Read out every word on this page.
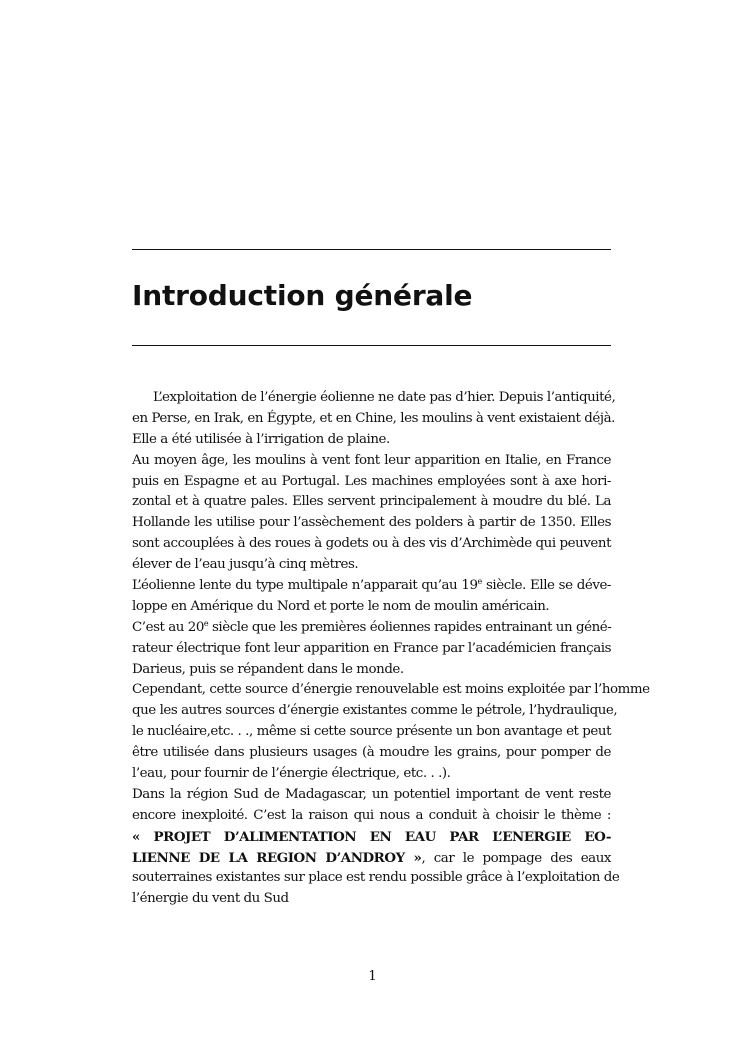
Introduction générale
L’exploitation de l’énergie éolienne ne date pas d’hier. Depuis l’antiquité,
en Perse, en Irak, en Égypte, et en Chine, les moulins à vent existaient déjà.
Elle a été utilisée à l’irrigation de plaine.
Au moyen âge, les moulins à vent font leur apparition en Italie, en France
puis en Espagne et au Portugal. Les machines employées sont à axe hori-
zontal et à quatre pales. Elles servent principalement à moudre du blé. La
Hollande les utilise pour l’assèchement des polders à partir de 1350. Elles
sont accouplées à des roues à godets ou à des vis d’Archimède qui peuvent
élever de l’eau jusqu’à cinq mètres.
L’éolienne lente du type multipale n’apparait qu’au 19e siècle. Elle se déve-
loppe en Amérique du Nord et porte le nom de moulin américain.
C’est au 20e siècle que les premières éoliennes rapides entrainant un géné-
rateur électrique font leur apparition en France par l’académicien français
Darieus, puis se répandent dans le monde.
Cependant, cette source d’énergie renouvelable est moins exploitée par l’homme
que les autres sources d’énergie existantes comme le pétrole, l’hydraulique,
le nucléaire,etc. . ., même si cette source présente un bon avantage et peut
être utilisée dans plusieurs usages (à moudre les grains, pour pomper de
l’eau, pour fournir de l’énergie électrique, etc. . .).
Dans la région Sud de Madagascar, un potentiel important de vent reste
encore inexploité. C’est la raison qui nous a conduit à choisir le thème :
« PROJET D’ALIMENTATION EN EAU PAR L’ENERGIE EO-
LIENNE DE LA REGION D’ANDROY », car le pompage des eaux
souterraines existantes sur place est rendu possible grâce à l’exploitation de
l’énergie du vent du Sud
1
